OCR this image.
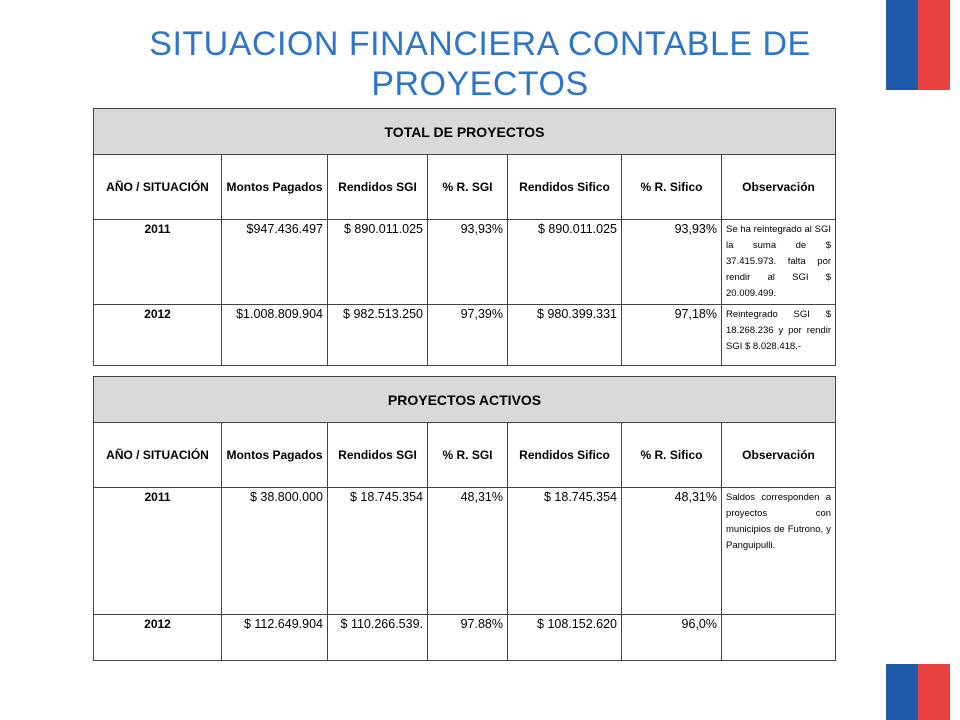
SITUACION FINANCIERA CONTABLE DE PROYECTOS
TOTAL DE PROYECTOS						
AÑO / SITUACIÓN	Montos Pagados	Rendidos SGI	% R. SGI	Rendidos Sifico	% R. Sifico	Observación
2011	$947.436.497	$ 890.011.025	93,93%	$ 890.011.025	93,93%	Se ha reintegrado al SGI la suma de $ 37.415.973. falta por rendir al SGI $ 20.009.499.
2012	$1.008.809.904	$ 982.513.250	97,39%	$ 980.399.331	97,18%	Reintegrado SGI $ 18.268.236 y por rendir SGI $ 8.028.418.-
PROYECTOS ACTIVOS						
AÑO / SITUACIÓN	Montos Pagados	Rendidos SGI	% R. SGI	Rendidos Sifico	% R. Sifico	Observación
2011	$ 38.800.000	$ 18.745.354	48,31%	$ 18.745.354	48,31%	Saldos corresponden a proyectos con municipios de Futrono, y Panguipulli.
2012	$ 112.649.904	$ 110.266.539.	97.88%	$ 108.152.620	96,0%	
